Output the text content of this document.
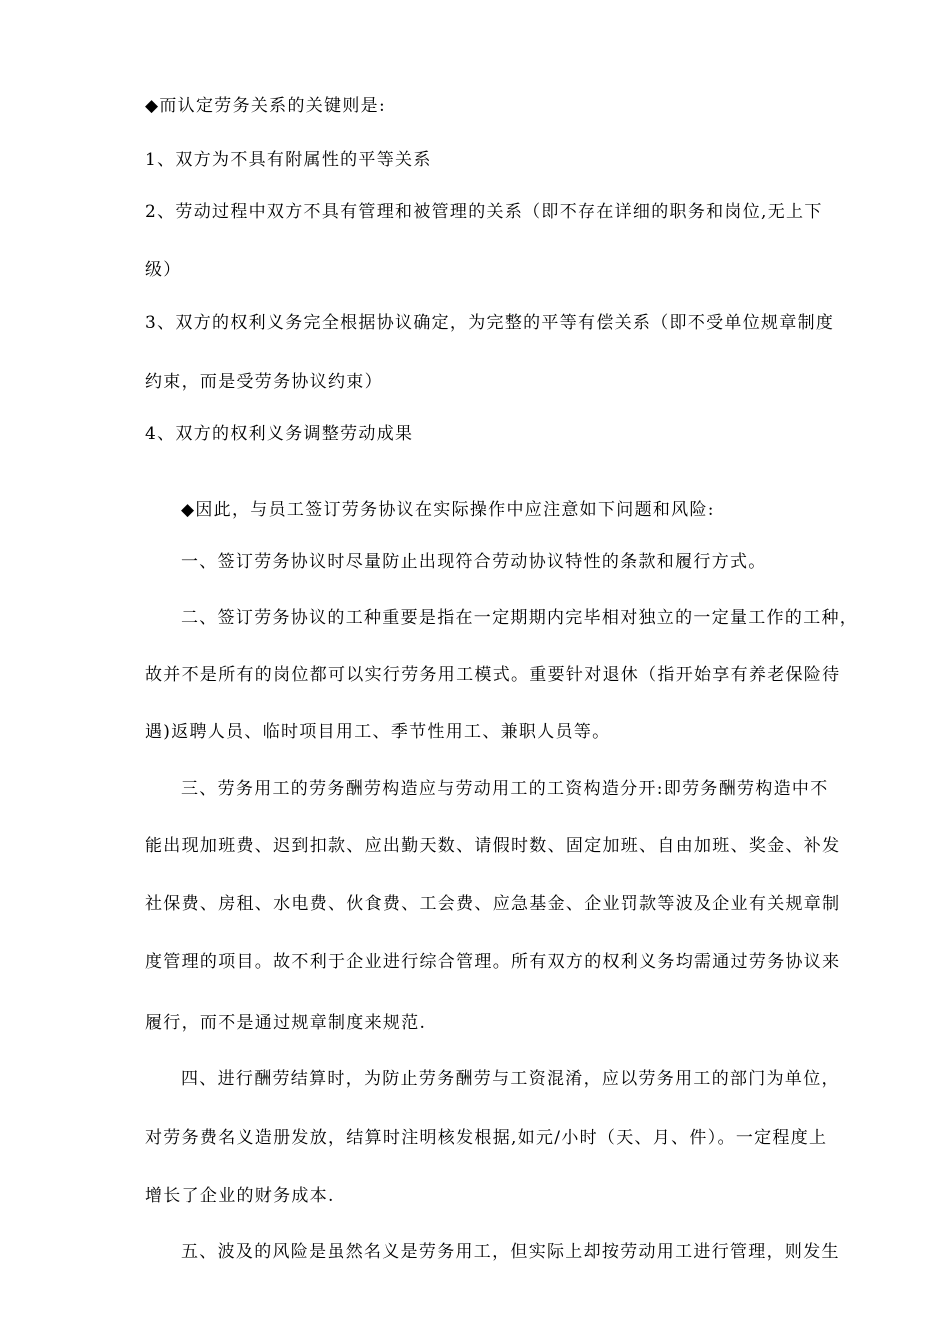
◆而认定劳务关系的关键则是:
1、双方为不具有附属性的平等关系
2、劳动过程中双方不具有管理和被管理的关系（即不存在详细的职务和岗位,无上下
级）
3、双方的权利义务完全根据协议确定，为完整的平等有偿关系（即不受单位规章制度
约束，而是受劳务协议约束）
4、双方的权利义务调整劳动成果
◆因此，与员工签订劳务协议在实际操作中应注意如下问题和风险:
一、签订劳务协议时尽量防止出现符合劳动协议特性的条款和履行方式。
二、签订劳务协议的工种重要是指在一定期期内完毕相对独立的一定量工作的工种，
故并不是所有的岗位都可以实行劳务用工模式。重要针对退休（指开始享有养老保险待
遇)返聘人员、临时项目用工、季节性用工、兼职人员等。
三、劳务用工的劳务酬劳构造应与劳动用工的工资构造分开:即劳务酬劳构造中不
能出现加班费、迟到扣款、应出勤天数、请假时数、固定加班、自由加班、奖金、补发
社保费、房租、水电费、伙食费、工会费、应急基金、企业罚款等波及企业有关规章制
度管理的项目。故不利于企业进行综合管理。所有双方的权利义务均需通过劳务协议来
履行，而不是通过规章制度来规范.
四、进行酬劳结算时，为防止劳务酬劳与工资混淆，应以劳务用工的部门为单位，
对劳务费名义造册发放，结算时注明核发根据,如元/小时（天、月、件）。一定程度上
增长了企业的财务成本.
五、波及的风险是虽然名义是劳务用工，但实际上却按劳动用工进行管理，则发生
